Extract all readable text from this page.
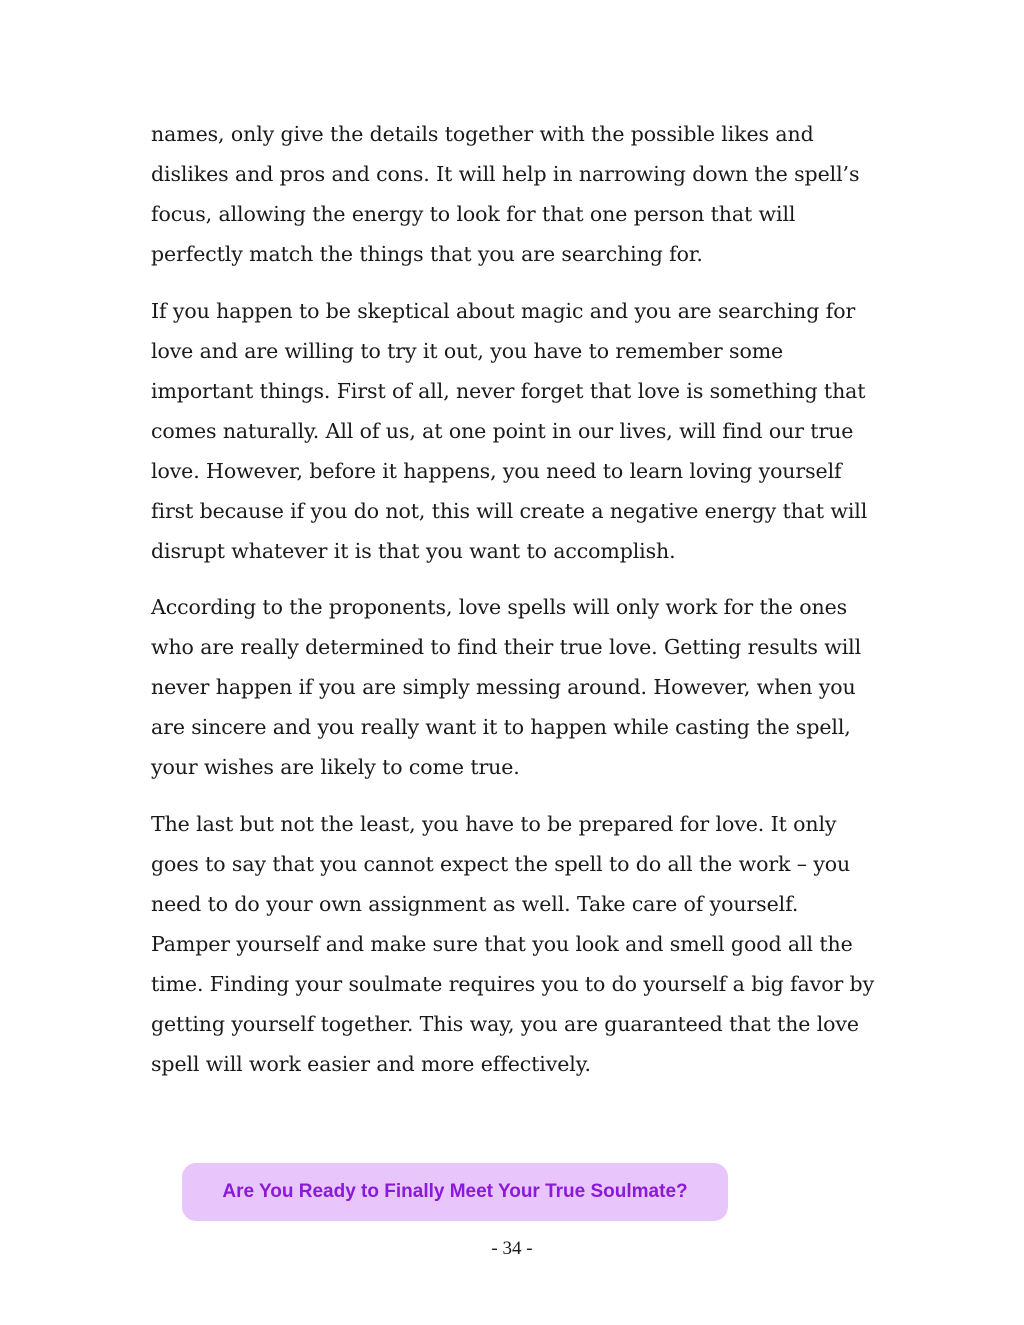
names, only give the details together with the possible likes and dislikes and pros and cons. It will help in narrowing down the spell’s focus, allowing the energy to look for that one person that will perfectly match the things that you are searching for.

If you happen to be skeptical about magic and you are searching for love and are willing to try it out, you have to remember some important things. First of all, never forget that love is something that comes naturally. All of us, at one point in our lives, will find our true love. However, before it happens, you need to learn loving yourself first because if you do not, this will create a negative energy that will disrupt whatever it is that you want to accomplish.

According to the proponents, love spells will only work for the ones who are really determined to find their true love. Getting results will never happen if you are simply messing around. However, when you are sincere and you really want it to happen while casting the spell, your wishes are likely to come true.

The last but not the least, you have to be prepared for love. It only goes to say that you cannot expect the spell to do all the work – you need to do your own assignment as well. Take care of yourself. Pamper yourself and make sure that you look and smell good all the time. Finding your soulmate requires you to do yourself a big favor by getting yourself together. This way, you are guaranteed that the love spell will work easier and more effectively.

Are You Ready to Finally Meet Your True Soulmate?
- 34 -
